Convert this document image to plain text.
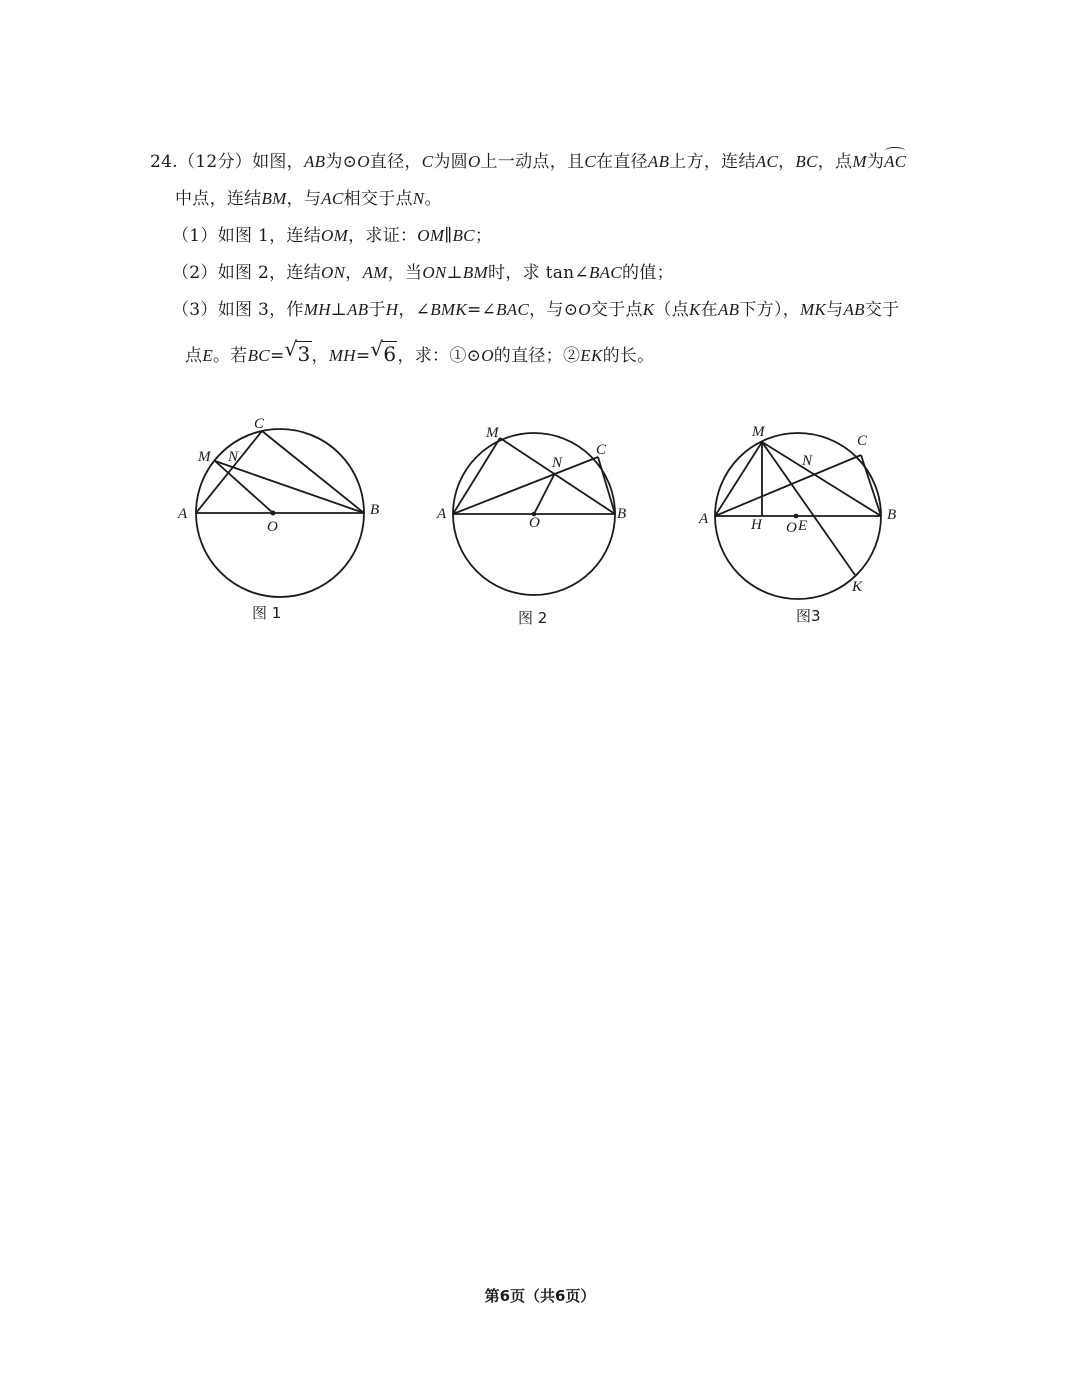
24.（12分）如图，AB为⊙O直径，C为圆O上一动点，且C在直径AB上方，连结AC，BC，点M为AC
中点，连结BM，与AC相交于点N。
（1）如图 1，连结OM，求证：OM∥BC；
（2）如图 2，连结ON，AM，当ON⊥BM时，求 tan∠BAC的值；
（3）如图 3，作MH⊥AB于H，∠BMK=∠BAC，与⊙O交于点K（点K在AB下方），MK与AB交于
点E。若BC= √ 3，MH= √ 6，求：①⊙O的直径；②EK的长。
C
M N
A	B
O
图 1
M
C
N
A	B
O
图 2
M
C
N
A	B
H O E
K
图3
第6页（共6页）
